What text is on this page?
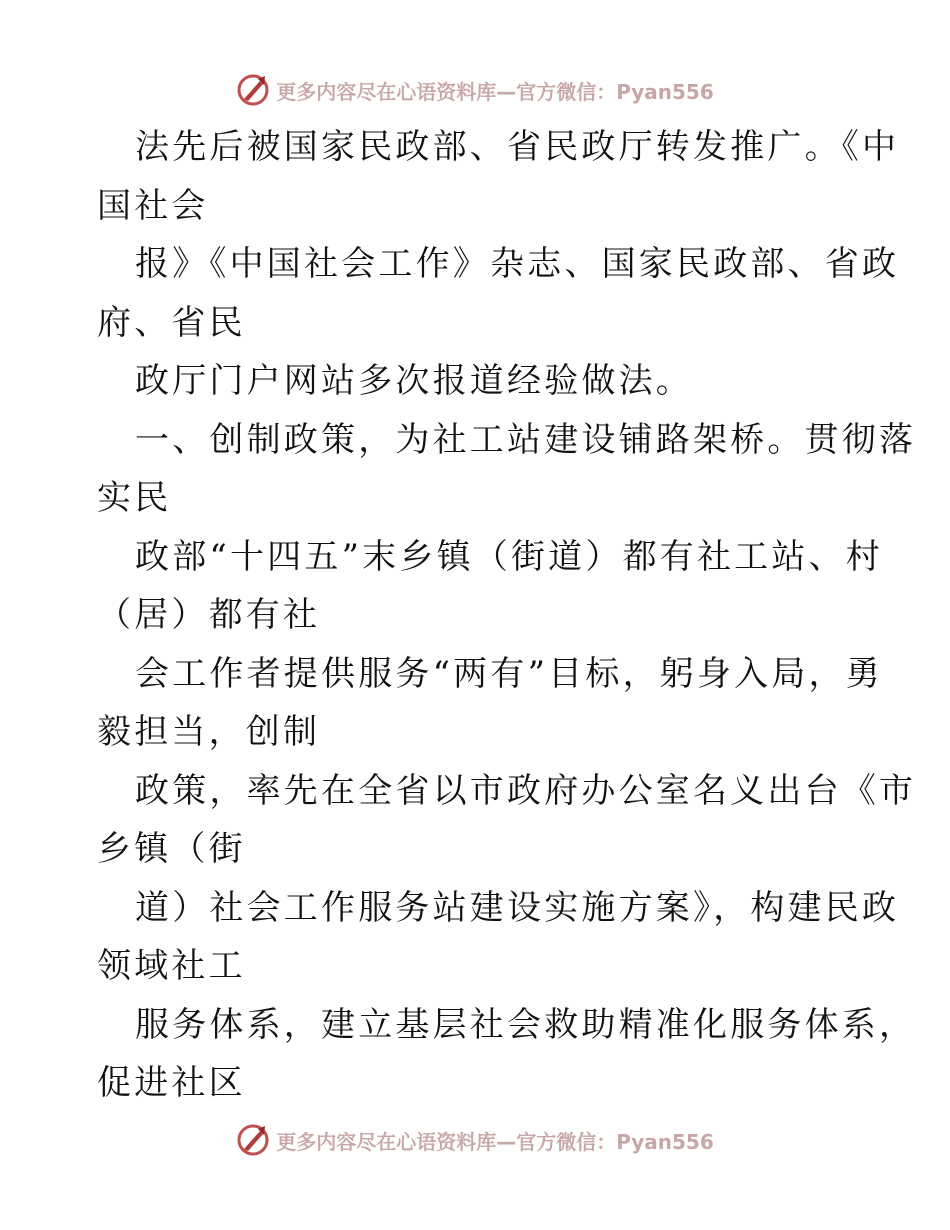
更多内容尽在心语资料库—官方微信：Pyan556
法先后被国家民政部、省民政厅转发推广。《中
国社会
报》《中国社会工作》杂志、国家民政部、省政
府、省民
政厅门户网站多次报道经验做法。
一、创制政策，为社工站建设铺路架桥。贯彻落
实民
政部“十四五”末乡镇（街道）都有社工站、村
（居）都有社
会工作者提供服务“两有”目标，躬身入局，勇
毅担当，创制
政策，率先在全省以市政府办公室名义出台《市
乡镇（街
道）社会工作服务站建设实施方案》，构建民政
领域社工
服务体系，建立基层社会救助精准化服务体系，
促进社区
更多内容尽在心语资料库—官方微信：Pyan556
